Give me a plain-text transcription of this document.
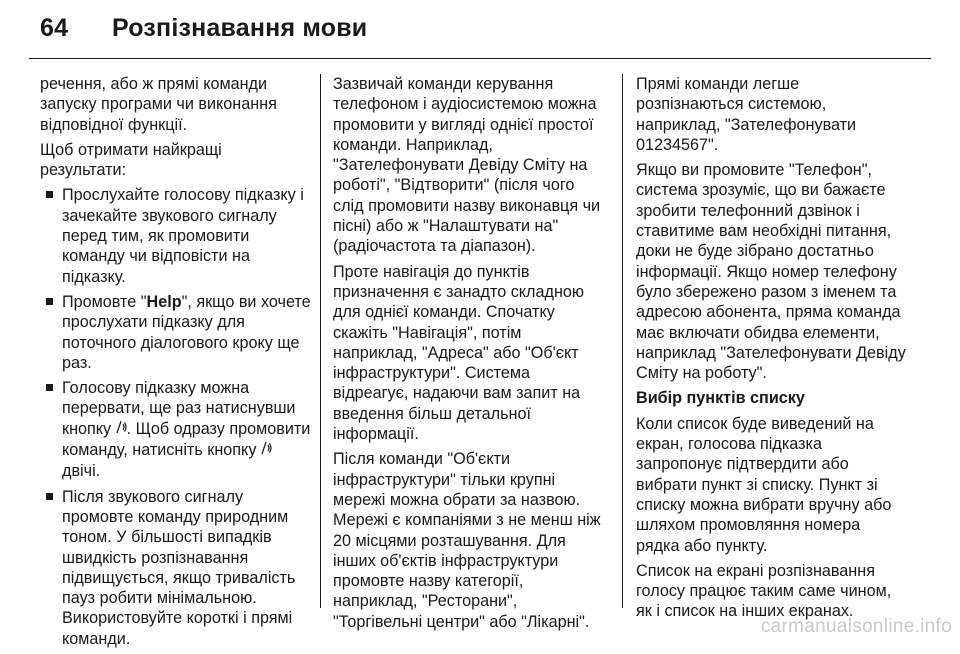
64	Розпізнавання мови

речення, або ж прямі команди запуску програми чи виконання відповідної функції.

Щоб отримати найкращі результати:

Прослухайте голосову підказку і зачекайте звукового сигналу перед тим, як промовити команду чи відповісти на підказку.
Промовте "Help", якщо ви хочете прослухати підказку для поточного діалогового кроку ще раз.
Голосову підказку можна перервати, ще раз натиснувши кнопку . Щоб одразу промовити команду, натисніть кнопку  двічі.
Після звукового сигналу промовте команду природним тоном. У більшості випадків швидкість розпізнавання підвищується, якщо тривалість пауз робити мінімальною. Використовуйте короткі і прямі команди.

Зазвичай команди керування телефоном і аудіосистемою можна промовити у вигляді однієї простої команди. Наприклад, "Зателефонувати Девіду Сміту на роботі", "Відтворити" (після чого слід промовити назву виконавця чи пісні) або ж "Налаштувати на" (радіочастота та діапазон).

Проте навігація до пунктів призначення є занадто складною для однієї команди. Спочатку скажіть "Навігація", потім наприклад, "Адреса" або "Об'єкт інфраструктури". Система відреагує, надаючи вам запит на введення більш детальної інформації.

Після команди "Об'єкти інфраструктури" тільки крупні мережі можна обрати за назвою. Мережі є компаніями з не менш ніж 20 місцями розташування. Для інших об'єктів інфраструктури промовте назву категорії, наприклад, "Ресторани", "Торгівельні центри" або "Лікарні".

Прямі команди легше розпізнаються системою, наприклад, "Зателефонувати 01234567".

Якщо ви промовите "Телефон", система зрозуміє, що ви бажаєте зробити телефонний дзвінок і ставитиме вам необхідні питання, доки не буде зібрано достатньо інформації. Якщо номер телефону було збережено разом з іменем та адресою абонента, пряма команда має включати обидва елементи, наприклад "Зателефонувати Девіду Сміту на роботу".

Вибір пунктів списку

Коли список буде виведений на екран, голосова підказка запропонує підтвердити або вибрати пункт зі списку. Пункт зі списку можна вибрати вручну або шляхом промовляння номера рядка або пункту.

Список на екрані розпізнавання голосу працює таким саме чином, як і список на інших екранах.

carmanualsonline.info
